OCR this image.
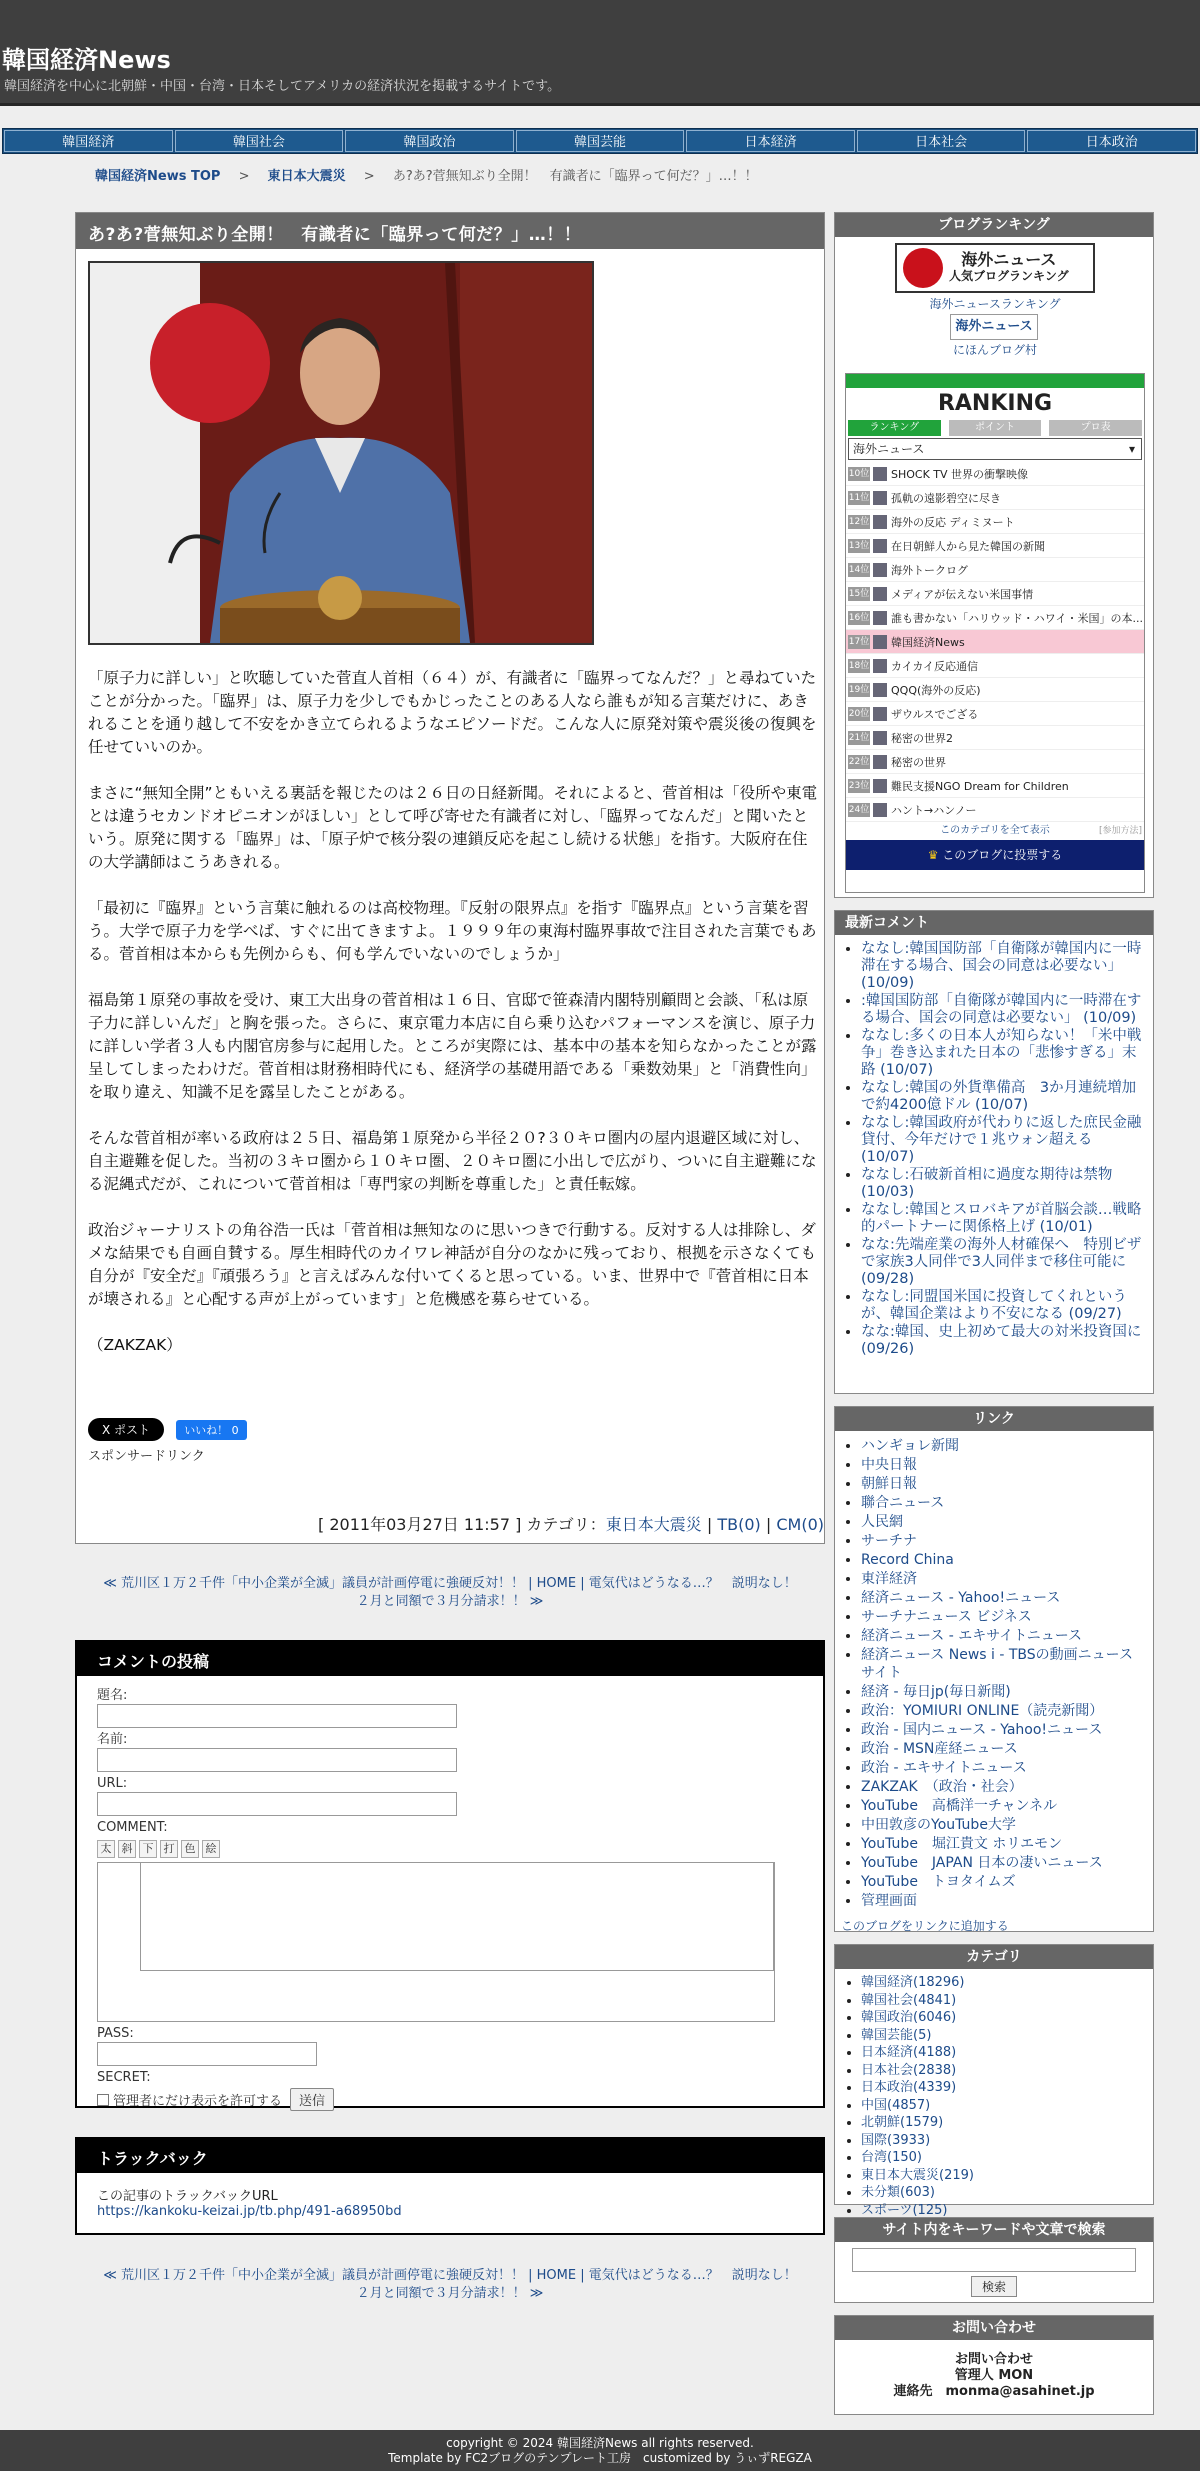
韓国経済News
韓国経済を中心に北朝鮮・中国・台湾・日本そしてアメリカの経済状況を掲載するサイトです。
韓国経済	韓国社会	韓国政治	韓国芸能	日本経済	日本社会	日本政治
韓国経済News TOP > 東日本大震災 > あ?あ?菅無知ぶり全開！　有識者に「臨界って何だ？」…！！
あ?あ?菅無知ぶり全開！　有識者に「臨界って何だ？」…！！

「原子力に詳しい」と吹聴していた菅直人首相（６４）が、有識者に「臨界ってなんだ？」と尋ねていたことが分かった。「臨界」は、原子力を少しでもかじったことのある人なら誰もが知る言葉だけに、あきれることを通り越して不安をかき立てられるようなエピソードだ。こんな人に原発対策や震災後の復興を任せていいのか。

まさに“無知全開”ともいえる裏話を報じたのは２６日の日経新聞。それによると、菅首相は「役所や東電とは違うセカンドオピニオンがほしい」として呼び寄せた有識者に対し、「臨界ってなんだ」と聞いたという。原発に関する「臨界」は、「原子炉で核分裂の連鎖反応を起こし続ける状態」を指す。大阪府在住の大学講師はこうあきれる。

「最初に『臨界』という言葉に触れるのは高校物理。『反射の限界点』を指す『臨界点』という言葉を習う。大学で原子力を学べば、すぐに出てきますよ。１９９９年の東海村臨界事故で注目された言葉でもある。菅首相は本からも先例からも、何も学んでいないのでしょうか」

福島第１原発の事故を受け、東工大出身の菅首相は１６日、官邸で笹森清内閣特別顧問と会談、「私は原子力に詳しいんだ」と胸を張った。さらに、東京電力本店に自ら乗り込むパフォーマンスを演じ、原子力に詳しい学者３人も内閣官房参与に起用した。ところが実際には、基本中の基本を知らなかったことが露呈してしまったわけだ。菅首相は財務相時代にも、経済学の基礎用語である「乗数効果」と「消費性向」を取り違え、知識不足を露呈したことがある。

そんな菅首相が率いる政府は２５日、福島第１原発から半径２０?３０キロ圏内の屋内退避区域に対し、自主避難を促した。当初の３キロ圏から１０キロ圏、２０キロ圏に小出しで広がり、ついに自主避難になる泥縄式だが、これについて菅首相は「専門家の判断を尊重した」と責任転嫁。

政治ジャーナリストの角谷浩一氏は「菅首相は無知なのに思いつきで行動する。反対する人は排除し、ダメな結果でも自画自賛する。厚生相時代のカイワレ神話が自分のなかに残っており、根拠を示さなくても自分が『安全だ』『頑張ろう』と言えばみんな付いてくると思っている。いま、世界中で『菅首相に日本が壊される』と心配する声が上がっています」と危機感を募らせている。

（ZAKZAK）

X ポスト	いいね！ 0
スポンサードリンク
[ 2011年03月27日 11:57 ] カテゴリ：東日本大震災 | TB(0) | CM(0)
≪ 荒川区１万２千件「中小企業が全滅」議員が計画停電に強硬反対！！ | HOME | 電気代はどうなる…？　説明なし！　２月と同額で３月分請求！！ ≫
コメントの投稿
題名:
名前:
URL:
COMMENT:
太 斜 下 打 色 絵
PASS:
SECRET:
管理者にだけ表示を許可する	送信
トラックバック
この記事のトラックバックURL
https://kankoku-keizai.jp/tb.php/491-a68950bd
≪ 荒川区１万２千件「中小企業が全滅」議員が計画停電に強硬反対！！ | HOME | 電気代はどうなる…？　説明なし！　２月と同額で３月分請求！！ ≫
ブログランキング
海外ニュース
人気ブログランキング
海外ニュースランキング
海外ニュース
にほんブログ村
RANKING
ランキング	ポイント	プロ表
海外ニュース	▾
10位 SHOCK TV 世界の衝撃映像
11位 孤軌の遠影碧空に尽き
12位 海外の反応 ディミヌート
13位 在日朝鮮人から見た韓国の新聞
14位 海外トークログ
15位 メディアが伝えない米国事情
16位 誰も書かない「ハリウッド・ハワイ・米国」の本...
17位 韓国経済News
18位 カイカイ反応通信
19位 QQQ(海外の反応)
20位 ザウルスでござる
21位 秘密の世界2
22位 秘密の世界
23位 難民支援NGO Dream for Children
24位 ハント→ハンノー
このカテゴリを全て表示	[参加方法]
♛ このブログに投票する
最新コメント
• ななし:韓国国防部「自衛隊が韓国内に一時滞在する場合、国会の同意は必要ない」 (10/09)
• :韓国国防部「自衛隊が韓国内に一時滞在する場合、国会の同意は必要ない」 (10/09)
• ななし:多くの日本人が知らない！「米中戦争」巻き込まれた日本の「悲惨すぎる」末路 (10/07)
• ななし:韓国の外貨準備高　3か月連続増加で約4200億ドル (10/07)
• ななし:韓国政府が代わりに返した庶民金融貸付、今年だけで１兆ウォン超える (10/07)
• ななし:石破新首相に過度な期待は禁物 (10/03)
• ななし:韓国とスロバキアが首脳会談…戦略的パートナーに関係格上げ (10/01)
• なな:先端産業の海外人材確保へ　特別ビザで家族3人同伴で3人同伴まで移住可能に (09/28)
• ななし:同盟国米国に投資してくれというが、韓国企業はより不安になる (09/27)
• なな:韓国、史上初めて最大の対米投資国に (09/26)
リンク
• ハンギョレ新聞
• 中央日報
• 朝鮮日報
• 聯合ニュース
• 人民網
• サーチナ
• Record China
• 東洋経済
• 経済ニュース - Yahoo!ニュース
• サーチナニュース ビジネス
• 経済ニュース - エキサイトニュース
• 経済ニュース News i - TBSの動画ニュースサイト
• 経済 - 毎日jp(毎日新聞)
• 政治：YOMIURI ONLINE（読売新聞）
• 政治 - 国内ニュース - Yahoo!ニュース
• 政治 - MSN産経ニュース
• 政治 - エキサイトニュース
• ZAKZAK　（政治・社会）
• YouTube　高橋洋一チャンネル
• 中田敦彦のYouTube大学
• YouTube　堀江貴文 ホリエモン
• YouTube　JAPAN 日本の凄いニュース
• YouTube　トヨタイムズ
• 管理画面
このブログをリンクに追加する
カテゴリ
• 韓国経済(18296)
• 韓国社会(4841)
• 韓国政治(6046)
• 韓国芸能(5)
• 日本経済(4188)
• 日本社会(2838)
• 日本政治(4339)
• 中国(4857)
• 北朝鮮(1579)
• 国際(3933)
• 台湾(150)
• 東日本大震災(219)
• 未分類(603)
• スポーツ(125)
サイト内をキーワードや文章で検索
検索
お問い合わせ
お問い合わせ
管理人 MON
連絡先　monma@asahinet.jp
copyright © 2024 韓国経済News all rights reserved.
Template by FC2ブログのテンプレート工房　customized by うぃずREGZA
